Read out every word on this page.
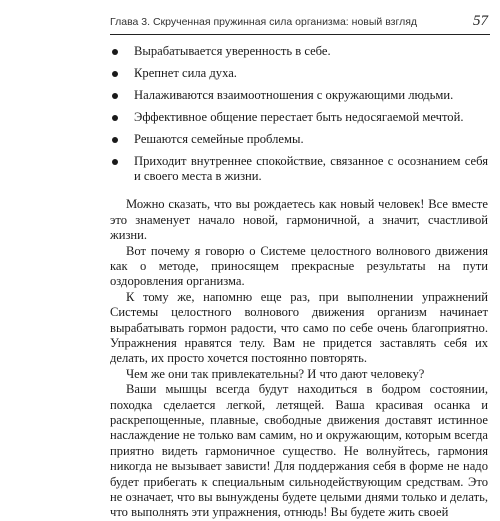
Глава 3. Скрученная пружинная сила организма: новый взгляд	57
Вырабатывается уверенность в себе.
Крепнет сила духа.
Налаживаются взаимоотношения с окружающими людьми.
Эффективное общение перестает быть недосягаемой мечтой.
Решаются семейные проблемы.
Приходит внутреннее спокойствие, связанное с осознанием себя и своего места в жизни.

Можно сказать, что вы рождаетесь как новый человек! Все вместе это знаменует начало новой, гармоничной, а значит, счастливой жизни.

Вот почему я говорю о Системе целостного волнового движения как о методе, приносящем прекрасные результаты на пути оздоровления организма.

К тому же, напомню еще раз, при выполнении упражнений Системы целостного волнового движения организм начинает вырабатывать гормон радости, что само по себе очень благоприятно. Упражнения нравятся телу. Вам не придется заставлять себя их делать, их просто хочется постоянно повторять.

Чем же они так привлекательны? И что дают человеку?

Ваши мышцы всегда будут находиться в бодром состоянии, походка сделается легкой, летящей. Ваша красивая осанка и раскрепощенные, плавные, свободные движения доставят истинное наслаждение не только вам самим, но и окружающим, которым всегда приятно видеть гармоничное существо. Не волнуйтесь, гармония никогда не вызывает зависти! Для поддержания себя в форме не надо будет прибегать к специальным сильнодействующим средствам. Это не означает, что вы вынуждены будете целыми днями только и делать, что выполнять эти упражнения, отнюдь! Вы будете жить своей
